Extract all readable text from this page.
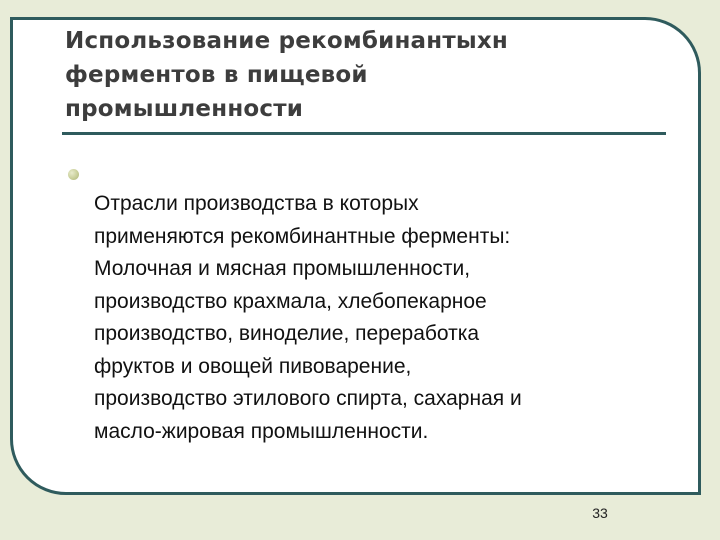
Использование рекомбинантыхн
ферментов в пищевой
промышленности

Отрасли производства в которых
применяются рекомбинантные ферменты:
Молочная и мясная промышленности,
производство крахмала, хлебопекарное
производство, виноделие, переработка
фруктов и овощей пивоварение,
производство этилового спирта, сахарная и
масло-жировая промышленности.

33
